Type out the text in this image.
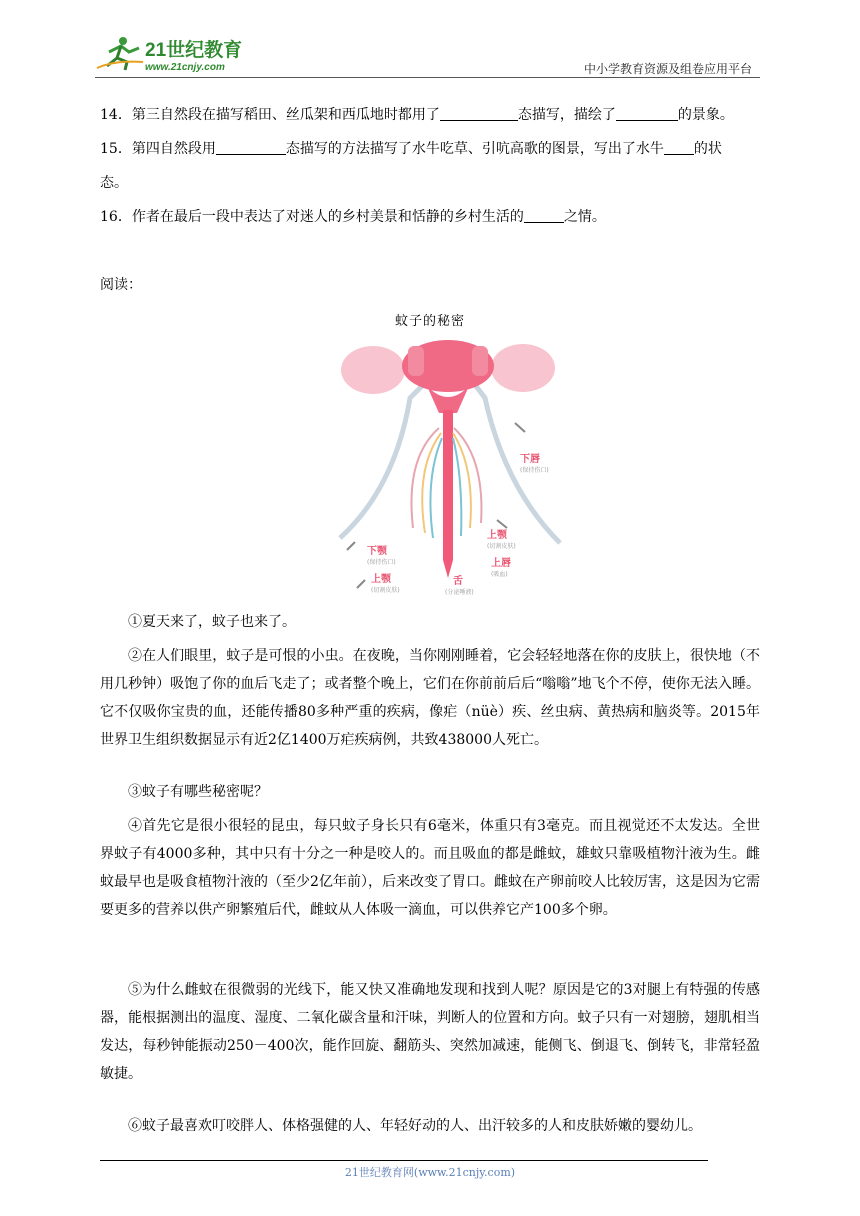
21世纪教育
www.21cnjy.com	中小学教育资源及组卷应用平台
14．第三自然段在描写稻田、丝瓜架和西瓜地时都用了	态描写，描绘了	的景象。
15．第四自然段用	态描写的方法描写了水牛吃草、引吭高歌的图景，写出了水牛 的状
态。
16．作者在最后一段中表达了对迷人的乡村美景和恬静的乡村生活的	之情。
阅读：
蚊子的秘密
下唇
(保持伤口)
上颚
(切割皮肤)
上唇
(吸血)
下颚
(保持伤口)
上颚
(切割皮肤)
舌
(分泌唾液)

①夏天来了，蚊子也来了。

②在人们眼里，蚊子是可恨的小虫。在夜晚，当你刚刚睡着，它会轻轻地落在你的皮肤上，很快地（不用几秒钟）吸饱了你的血后飞走了；或者整个晚上，它们在你前前后后“嗡嗡”地飞个不停，使你无法入睡。它不仅吸你宝贵的血，还能传播80多种严重的疾病，像疟（nüè）疾、丝虫病、黄热病和脑炎等。2015年世界卫生组织数据显示有近2亿1400万疟疾病例，共致438000人死亡。

③蚊子有哪些秘密呢？

④首先它是很小很轻的昆虫，每只蚊子身长只有6毫米，体重只有3毫克。而且视觉还不太发达。全世界蚊子有4000多种，其中只有十分之一种是咬人的。而且吸血的都是雌蚊，雄蚊只靠吸植物汁液为生。雌蚊最早也是吸食植物汁液的（至少2亿年前），后来改变了胃口。雌蚊在产卵前咬人比较厉害，这是因为它需要更多的营养以供产卵繁殖后代，雌蚊从人体吸一滴血，可以供养它产100多个卵。

⑤为什么雌蚊在很微弱的光线下，能又快又准确地发现和找到人呢？原因是它的3对腿上有特强的传感器，能根据测出的温度、湿度、二氧化碳含量和汗味，判断人的位置和方向。蚊子只有一对翅膀，翅肌相当发达，每秒钟能振动250－400次，能作回旋、翻筋头、突然加减速，能侧飞、倒退飞、倒转飞，非常轻盈敏捷。

⑥蚊子最喜欢叮咬胖人、体格强健的人、年轻好动的人、出汗较多的人和皮肤娇嫩的婴幼儿。

21世纪教育网(www.21cnjy.com)
